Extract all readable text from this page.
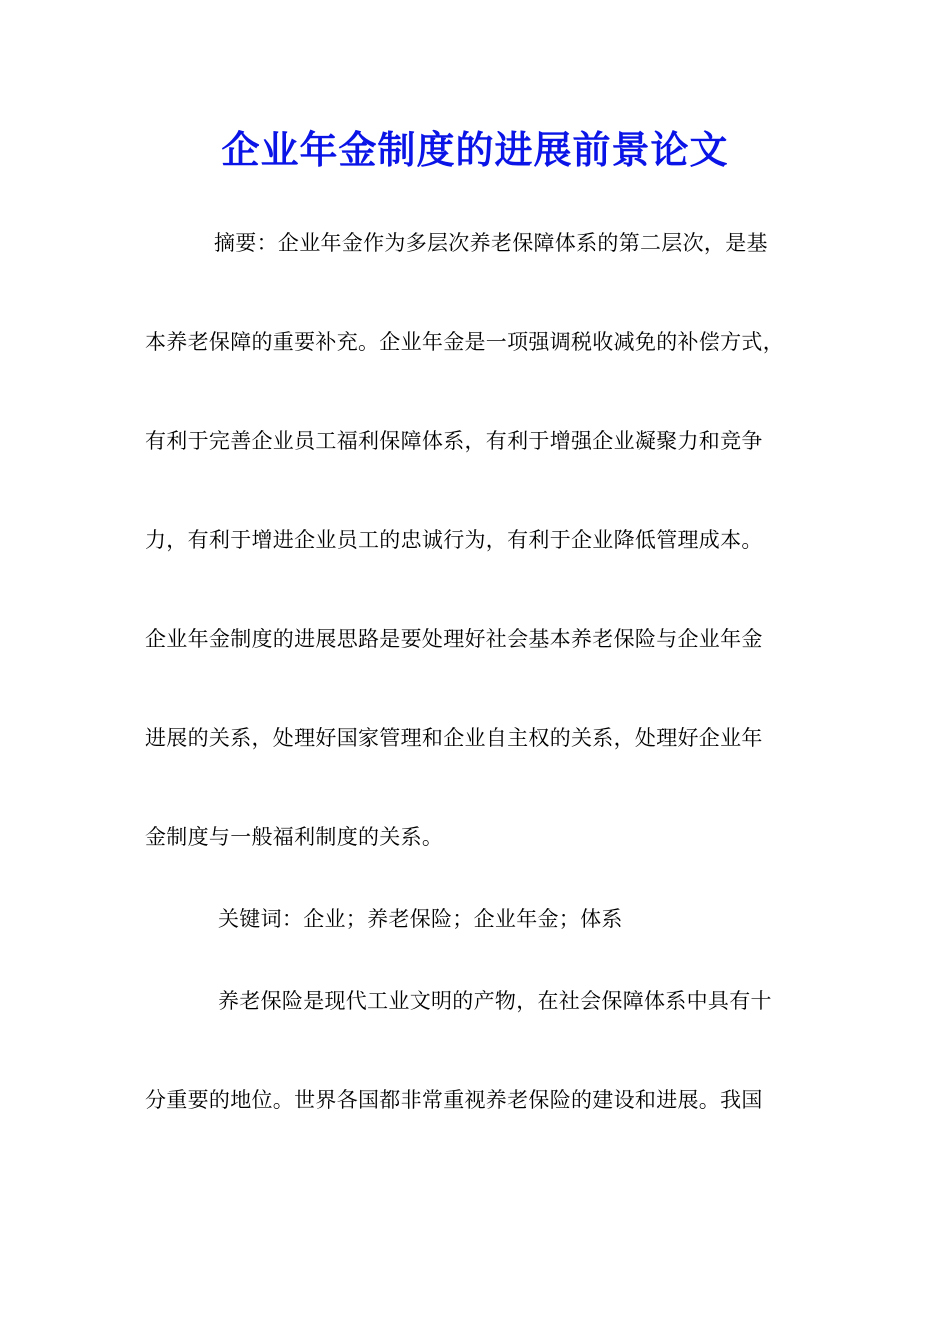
企业年金制度的进展前景论文
摘要：企业年金作为多层次养老保障体系的第二层次，是基
本养老保障的重要补充。企业年金是一项强调税收减免的补偿方式，
有利于完善企业员工福利保障体系，有利于增强企业凝聚力和竞争
力，有利于增进企业员工的忠诚行为，有利于企业降低管理成本。
企业年金制度的进展思路是要处理好社会基本养老保险与企业年金
进展的关系，处理好国家管理和企业自主权的关系，处理好企业年
金制度与一般福利制度的关系。
关键词：企业；养老保险；企业年金；体系
养老保险是现代工业文明的产物，在社会保障体系中具有十
分重要的地位。世界各国都非常重视养老保险的建设和进展。我国
